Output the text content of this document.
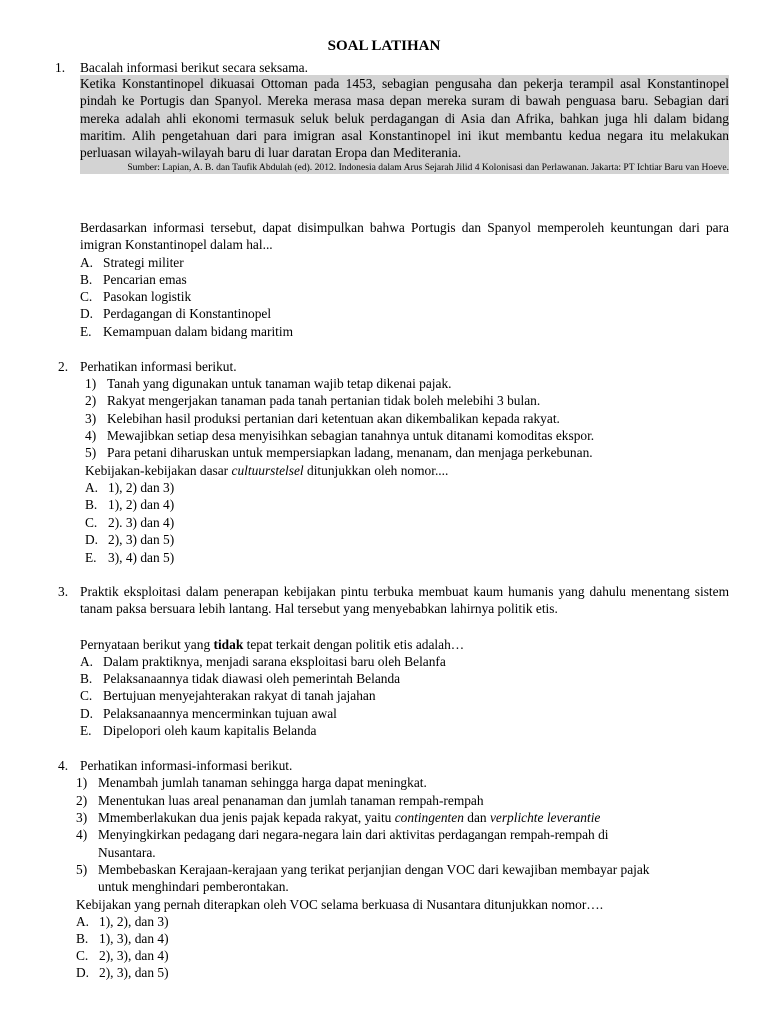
SOAL LATIHAN
1. Bacalah informasi berikut secara seksama.
Ketika Konstantinopel dikuasai Ottoman pada 1453, sebagian pengusaha dan pekerja terampil asal Konstantinopel pindah ke Portugis dan Spanyol. Mereka merasa masa depan mereka suram di bawah penguasa baru. Sebagian dari mereka adalah ahli ekonomi termasuk seluk beluk perdagangan di Asia dan Afrika, bahkan juga hli dalam bidang maritim. Alih pengetahuan dari para imigran asal Konstantinopel ini ikut membantu kedua negara itu melakukan perluasan wilayah-wilayah baru di luar daratan Eropa dan Mediterania.
Sumber: Lapian, A. B. dan Taufik Abdulah (ed). 2012. Indonesia dalam Arus Sejarah Jilid 4 Kolonisasi dan Perlawanan. Jakarta: PT Ichtiar Baru van Hoeve.
Berdasarkan informasi tersebut, dapat disimpulkan bahwa Portugis dan Spanyol memperoleh keuntungan dari para imigran Konstantinopel dalam hal...
A. Strategi militer
B. Pencarian emas
C. Pasokan logistik
D. Perdagangan di Konstantinopel
E. Kemampuan dalam bidang maritim
2. Perhatikan informasi berikut.
1) Tanah yang digunakan untuk tanaman wajib tetap dikenai pajak.
2) Rakyat mengerjakan tanaman pada tanah pertanian tidak boleh melebihi 3 bulan.
3) Kelebihan hasil produksi pertanian dari ketentuan akan dikembalikan kepada rakyat.
4) Mewajibkan setiap desa menyisihkan sebagian tanahnya untuk ditanami komoditas ekspor.
5) Para petani diharuskan untuk mempersiapkan ladang, menanam, dan menjaga perkebunan.
Kebijakan-kebijakan dasar cultuurstelsel ditunjukkan oleh nomor....
A. 1), 2) dan 3)
B. 1), 2) dan 4)
C. 2). 3) dan 4)
D. 2), 3) dan 5)
E. 3), 4) dan 5)
3. Praktik eksploitasi dalam penerapan kebijakan pintu terbuka membuat kaum humanis yang dahulu menentang sistem tanam paksa bersuara lebih lantang. Hal tersebut yang menyebabkan lahirnya politik etis.
Pernyataan berikut yang tidak tepat terkait dengan politik etis adalah…
A. Dalam praktiknya, menjadi sarana eksploitasi baru oleh Belanfa
B. Pelaksanaannya tidak diawasi oleh pemerintah Belanda
C. Bertujuan menyejahterakan rakyat di tanah jajahan
D. Pelaksanaannya mencerminkan tujuan awal
E. Dipelopori oleh kaum kapitalis Belanda
4. Perhatikan informasi-informasi berikut.
1) Menambah jumlah tanaman sehingga harga dapat meningkat.
2) Menentukan luas areal penanaman dan jumlah tanaman rempah-rempah
3) Mmemberlakukan dua jenis pajak kepada rakyat, yaitu contingenten dan verplichte leverantie
4) Menyingkirkan pedagang dari negara-negara lain dari aktivitas perdagangan rempah-rempah di
Nusantara.
5) Membebaskan Kerajaan-kerajaan yang terikat perjanjian dengan VOC dari kewajiban membayar pajak
untuk menghindari pemberontakan.
Kebijakan yang pernah diterapkan oleh VOC selama berkuasa di Nusantara ditunjukkan nomor….
A. 1), 2), dan 3)
B. 1), 3), dan 4)
C. 2), 3), dan 4)
D. 2), 3), dan 5)
